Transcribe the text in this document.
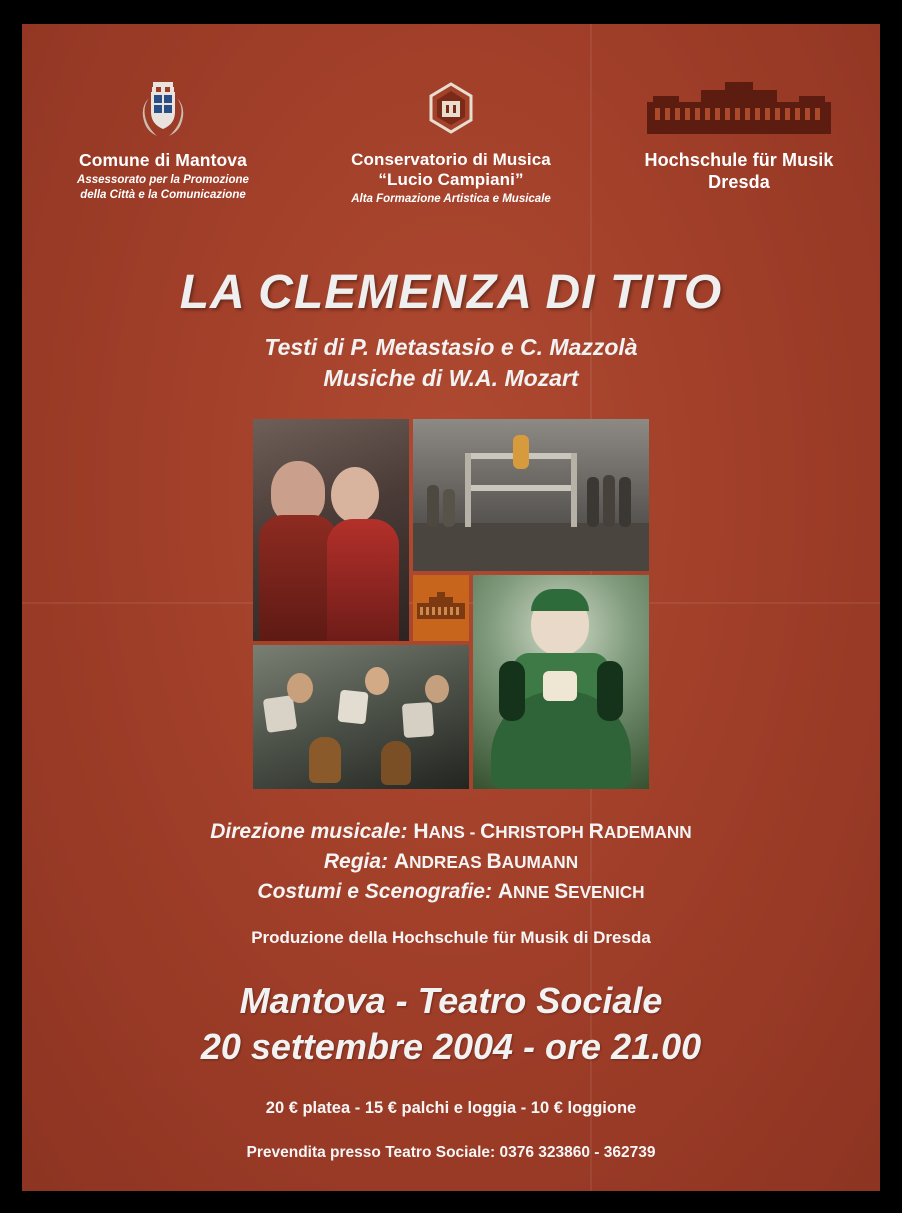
Comune di Mantova
Assessorato per la Promozione
della Città e la Comunicazione
Conservatorio di Musica
“Lucio Campiani”
Alta Formazione Artistica e Musicale
Hochschule für Musik
Dresda
LA CLEMENZA DI TITO
Testi di P. Metastasio e C. Mazzolà
Musiche di W.A. Mozart
Direzione musicale: HANS - CHRISTOPH RADEMANN
Regia: ANDREAS BAUMANN
Costumi e Scenografie: ANNE SEVENICH
Produzione della Hochschule für Musik di Dresda
Mantova - Teatro Sociale
20 settembre 2004 - ore 21.00
20 € platea - 15 € palchi e loggia - 10 € loggione
Prevendita presso Teatro Sociale: 0376 323860 - 362739
